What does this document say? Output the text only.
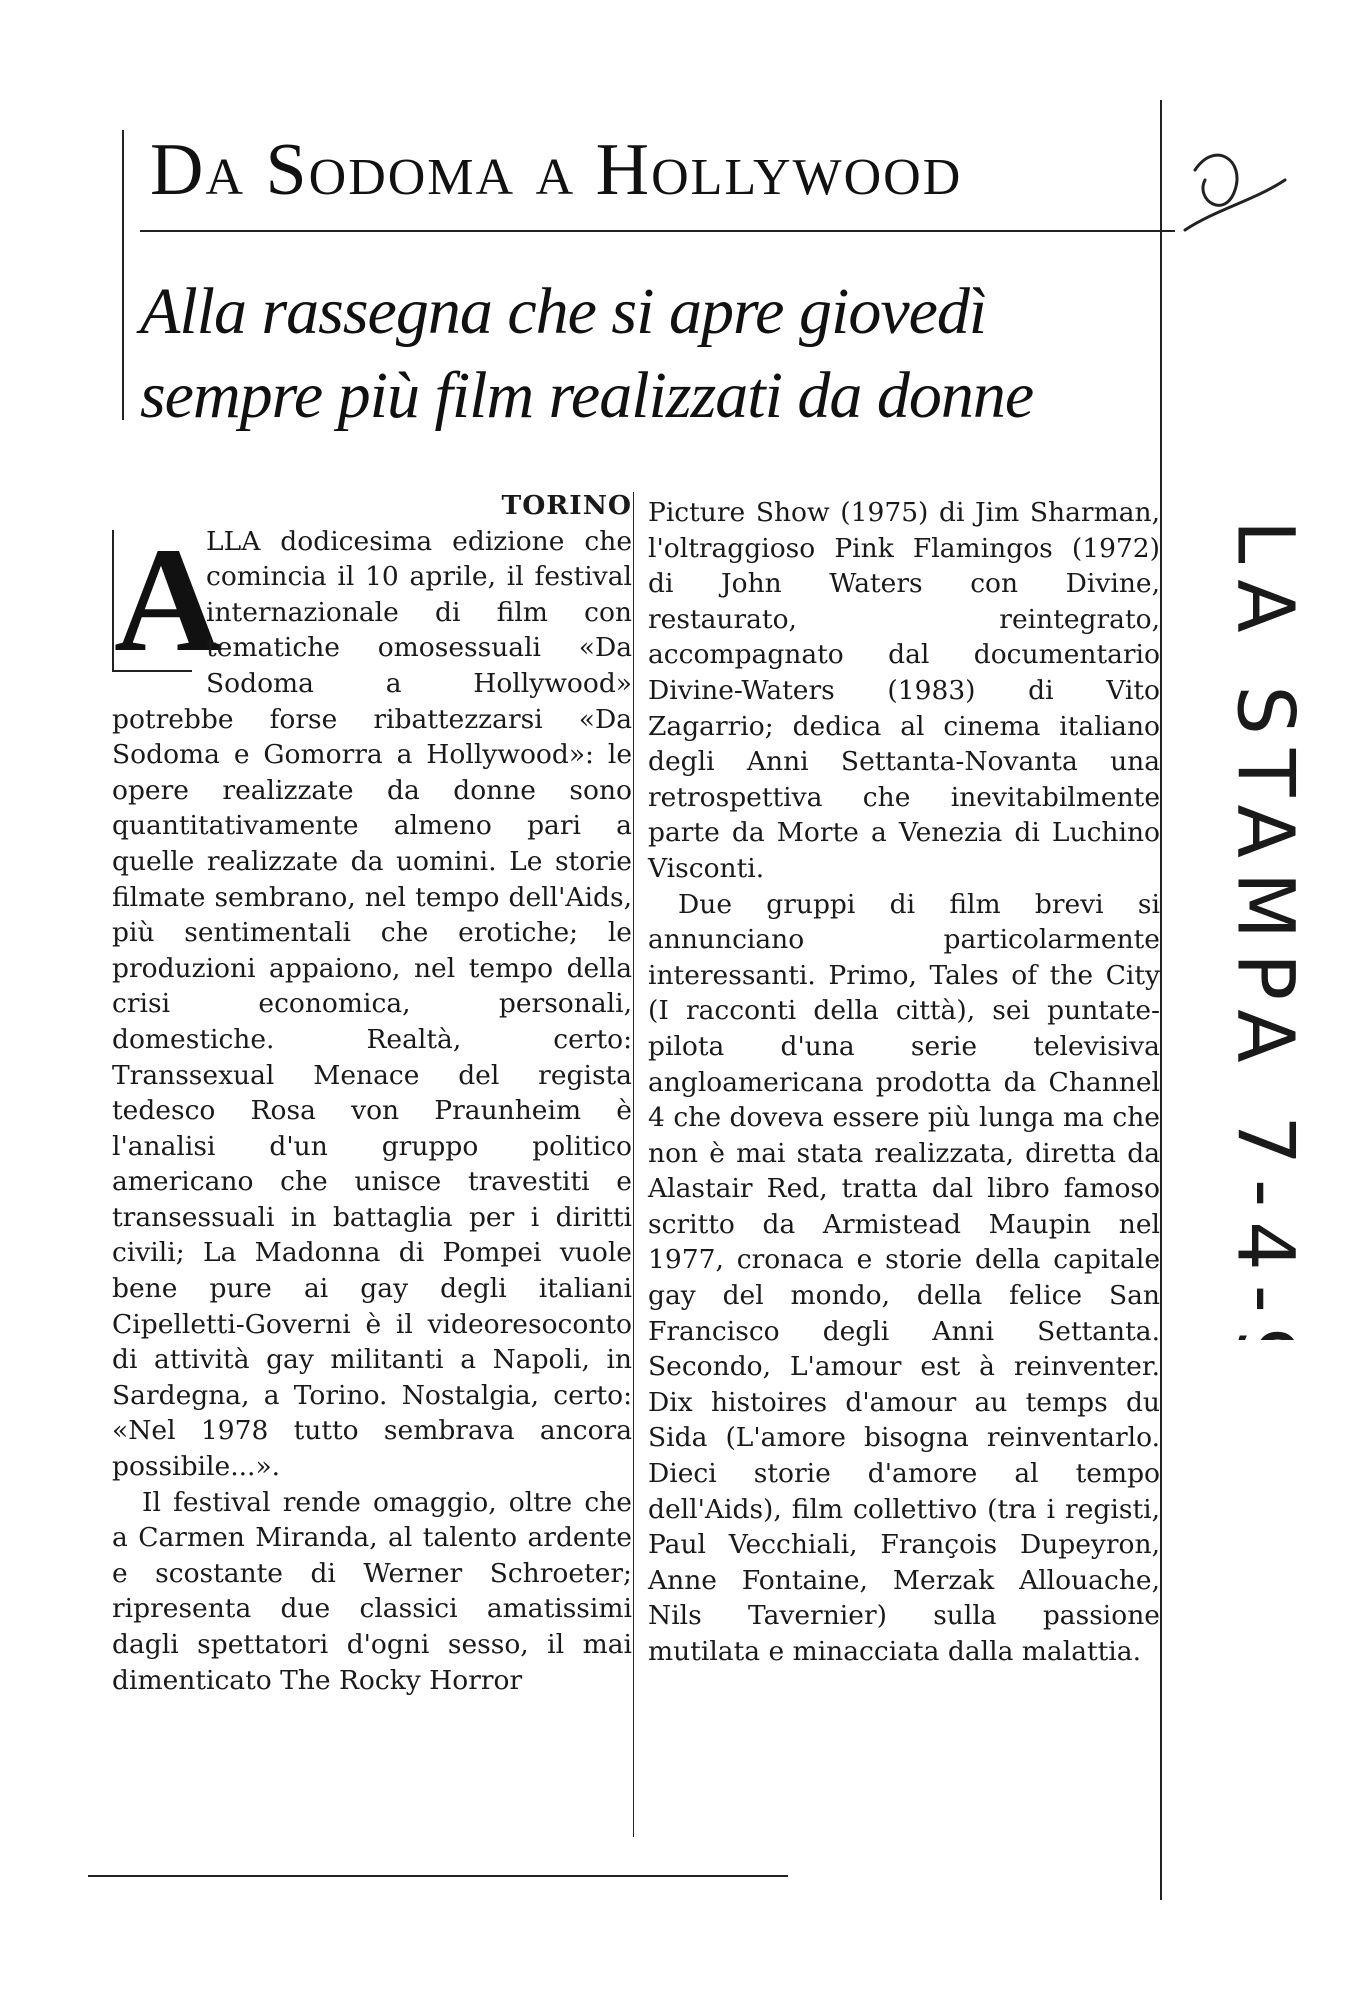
Da Sodoma a Hollywood
Alla rassegna che si apre giovedì
sempre più film realizzati da donne
TORINO
A

LLA dodicesima edizione che comincia il 10 aprile, il festival internazionale di film con tematiche omosessuali «Da Sodoma a Hollywood» potrebbe forse ribattezzarsi «Da Sodoma e Gomorra a Hollywood»: le opere realizzate da donne sono quantitativamente almeno pari a quelle realizzate da uomini. Le storie filmate sembrano, nel tempo dell'Aids, più sentimentali che erotiche; le produzioni appaiono, nel tempo della crisi economica, personali, domestiche. Realtà, certo: Transsexual Menace del regista tedesco Rosa von Praunheim è l'analisi d'un gruppo politico americano che unisce travestiti e transessuali in battaglia per i diritti civili; La Madonna di Pompei vuole bene pure ai gay degli italiani Cipelletti-Governi è il videoresoconto di attività gay militanti a Napoli, in Sardegna, a Torino. Nostalgia, certo: «Nel 1978 tutto sembrava ancora possibile...».

Il festival rende omaggio, oltre che a Carmen Miranda, al talento ardente e scostante di Werner Schroeter; ripresenta due classici amatissimi dagli spettatori d'ogni sesso, il mai dimenticato The Rocky Horror

Picture Show (1975) di Jim Sharman, l'oltraggioso Pink Flamingos (1972) di John Waters con Divine, restaurato, reintegrato, accompagnato dal documentario Divine-Waters (1983) di Vito Zagarrio; dedica al cinema italiano degli Anni Settanta-Novanta una retrospettiva che inevitabilmente parte da Morte a Venezia di Luchino Visconti.

Due gruppi di film brevi si annunciano particolarmente interessanti. Primo, Tales of the City (I racconti della città), sei puntate-pilota d'una serie televisiva angloamericana prodotta da Channel 4 che doveva essere più lunga ma che non è mai stata realizzata, diretta da Alastair Red, tratta dal libro famoso scritto da Armistead Maupin nel 1977, cronaca e storie della capitale gay del mondo, della felice San Francisco degli Anni Settanta. Secondo, L'amour est à reinventer. Dix histoires d'amour au temps du Sida (L'amore bisogna reinventarlo. Dieci storie d'amore al tempo dell'Aids), film collettivo (tra i registi, Paul Vecchiali, François Dupeyron, Anne Fontaine, Merzak Allouache, Nils Tavernier) sulla passione mutilata e minacciata dalla malattia.

LA STAMPA 7-4-97
